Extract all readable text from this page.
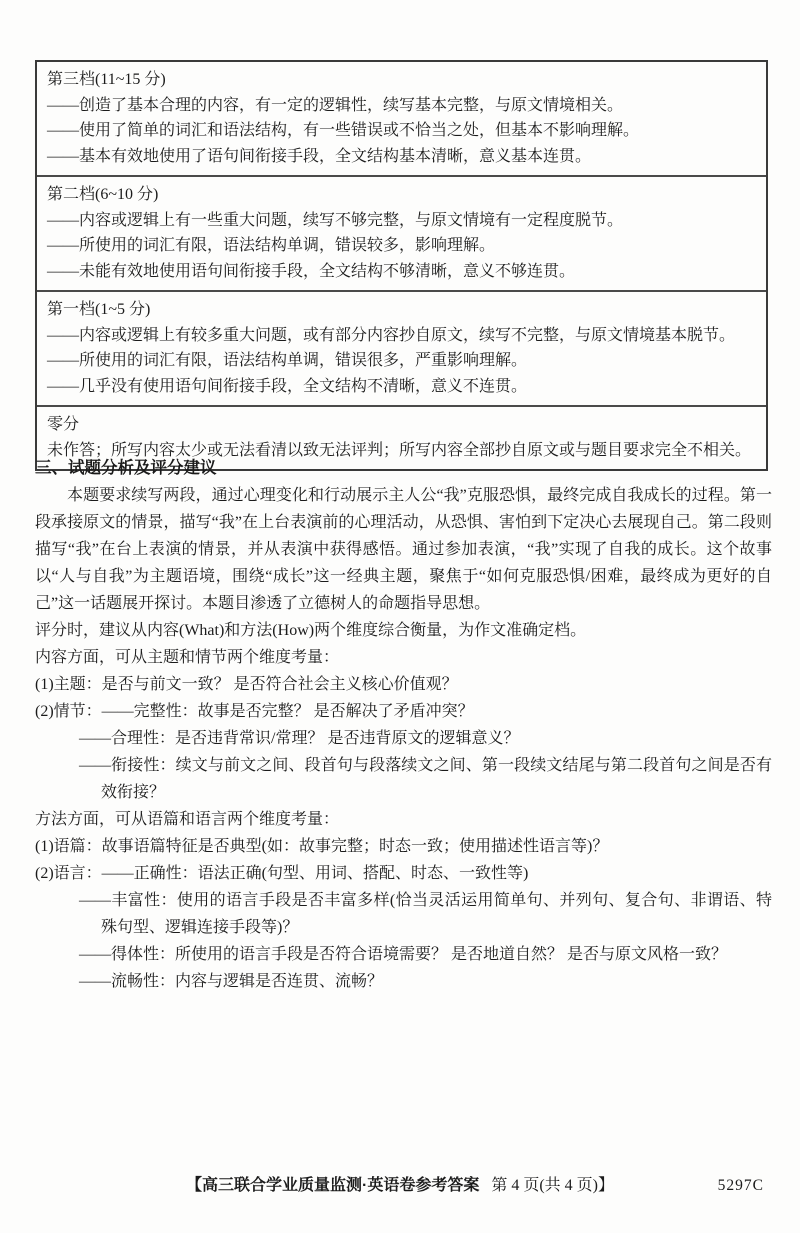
第三档(11~15 分)
——创造了基本合理的内容，有一定的逻辑性，续写基本完整，与原文情境相关。
——使用了简单的词汇和语法结构，有一些错误或不恰当之处，但基本不影响理解。
——基本有效地使用了语句间衔接手段，全文结构基本清晰，意义基本连贯。
第二档(6~10 分)
——内容或逻辑上有一些重大问题，续写不够完整，与原文情境有一定程度脱节。
——所使用的词汇有限，语法结构单调，错误较多，影响理解。
——未能有效地使用语句间衔接手段，全文结构不够清晰，意义不够连贯。
第一档(1~5 分)
——内容或逻辑上有较多重大问题，或有部分内容抄自原文，续写不完整，与原文情境基本脱节。
——所使用的词汇有限，语法结构单调，错误很多，严重影响理解。
——几乎没有使用语句间衔接手段，全文结构不清晰，意义不连贯。
零分
未作答；所写内容太少或无法看清以致无法评判；所写内容全部抄自原文或与题目要求完全不相关。
三、试题分析及评分建议

本题要求续写两段，通过心理变化和行动展示主人公“我”克服恐惧，最终完成自我成长的过程。第一段承接原文的情景，描写“我”在上台表演前的心理活动，从恐惧、害怕到下定决心去展现自己。第二段则描写“我”在台上表演的情景，并从表演中获得感悟。通过参加表演，“我”实现了自我的成长。这个故事以“人与自我”为主题语境，围绕“成长”这一经典主题，聚焦于“如何克服恐惧/困难，最终成为更好的自己”这一话题展开探讨。本题目渗透了立德树人的命题指导思想。

评分时，建议从内容(What)和方法(How)两个维度综合衡量，为作文准确定档。
内容方面，可从主题和情节两个维度考量：
(1)主题：是否与前文一致？ 是否符合社会主义核心价值观？
(2)情节：——完整性：故事是否完整？ 是否解决了矛盾冲突？
——合理性：是否违背常识/常理？ 是否违背原文的逻辑意义？
——衔接性：续文与前文之间、段首句与段落续文之间、第一段续文结尾与第二段首句之间是否有效衔接？
方法方面，可从语篇和语言两个维度考量：
(1)语篇：故事语篇特征是否典型(如：故事完整；时态一致；使用描述性语言等)？
(2)语言：——正确性：语法正确(句型、用词、搭配、时态、一致性等)
——丰富性：使用的语言手段是否丰富多样(恰当灵活运用简单句、并列句、复合句、非谓语、特殊句型、逻辑连接手段等)？
——得体性：所使用的语言手段是否符合语境需要？ 是否地道自然？ 是否与原文风格一致？
——流畅性：内容与逻辑是否连贯、流畅？
【高三联合学业质量监测·英语卷参考答案 第 4 页(共 4 页)】	5297C
